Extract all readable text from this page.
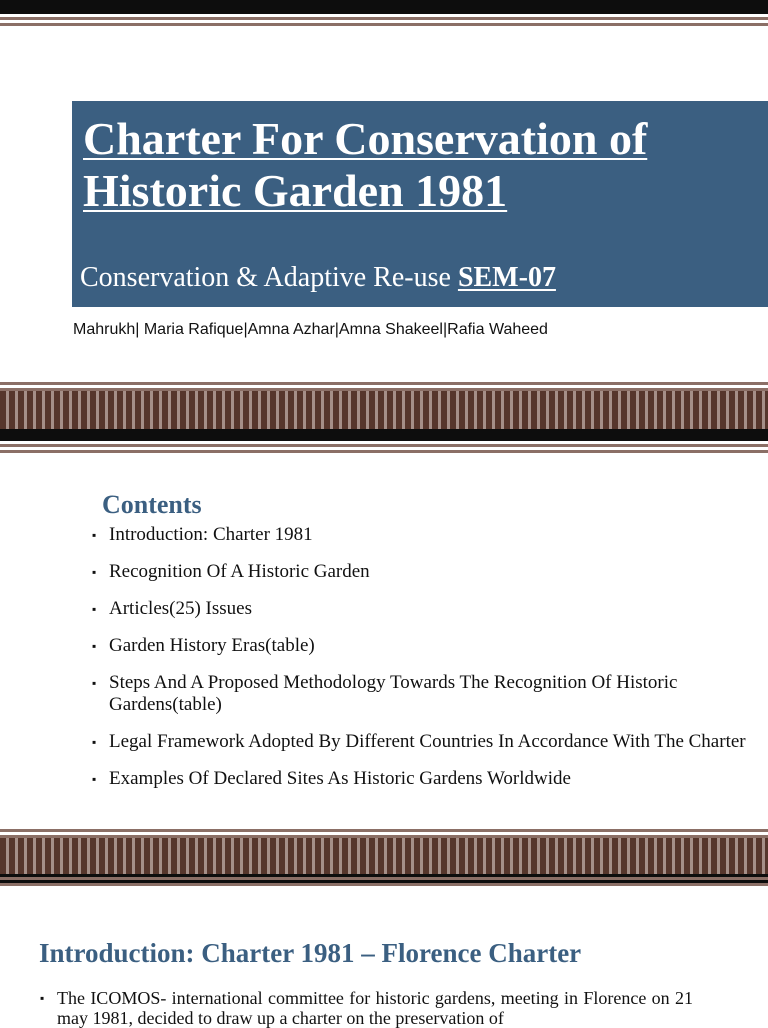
Charter For Conservation of Historic Garden 1981

Conservation & Adaptive Re-use SEM-07

Mahrukh| Maria Rafique|Amna Azhar|Amna Shakeel|Rafia Waheed

Contents
▪ Introduction: Charter 1981
▪ Recognition Of A Historic Garden
▪ Articles(25) Issues
▪ Garden History Eras(table)
▪ Steps And A Proposed Methodology Towards The Recognition Of Historic Gardens(table)
▪ Legal Framework Adopted By Different Countries In Accordance With The Charter
▪ Examples Of Declared Sites As Historic Gardens Worldwide
Introduction: Charter 1981 – Florence Charter

▪ The ICOMOS- international committee for historic gardens, meeting in Florence on 21 may 1981, decided to draw up a charter on the preservation of
